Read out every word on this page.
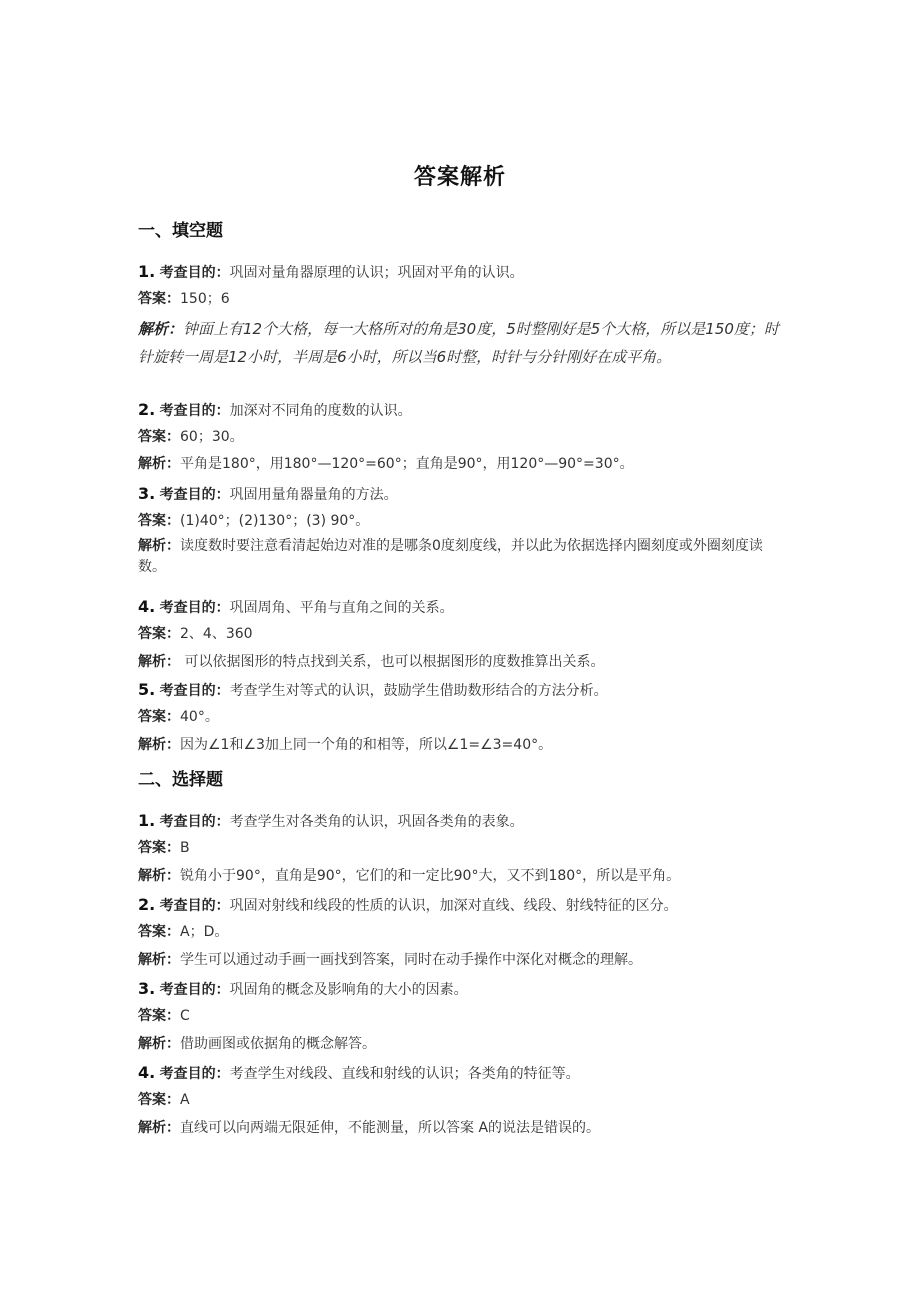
答案解析
一、填空题
1. 考查目的：巩固对量角器原理的认识；巩固对平角的认识。
答案：150；6
解析：钟面上有12个大格，每一大格所对的角是30度，5时整刚好是5个大格，所以是150度；时针旋转一周是12小时，半周是6小时，所以当6时整，时针与分针刚好在成平角。
2. 考查目的：加深对不同角的度数的认识。
答案：60；30。
解析：平角是180°，用180°—120°=60°；直角是90°，用120°—90°=30°。
3. 考查目的：巩固用量角器量角的方法。
答案：(1)40°；(2)130°；(3) 90°。
解析：读度数时要注意看清起始边对准的是哪条0度刻度线，并以此为依据选择内圈刻度或外圈刻度读数。
4. 考查目的：巩固周角、平角与直角之间的关系。
答案：2、4、360
解析： 可以依据图形的特点找到关系，也可以根据图形的度数推算出关系。
5. 考查目的：考查学生对等式的认识，鼓励学生借助数形结合的方法分析。
答案：40°。
解析：因为∠1和∠3加上同一个角的和相等，所以∠1=∠3=40°。
二、选择题
1. 考查目的：考查学生对各类角的认识，巩固各类角的表象。
答案：B
解析：锐角小于90°，直角是90°，它们的和一定比90°大，又不到180°，所以是平角。
2. 考查目的：巩固对射线和线段的性质的认识，加深对直线、线段、射线特征的区分。
答案：A；D。
解析：学生可以通过动手画一画找到答案，同时在动手操作中深化对概念的理解。
3. 考查目的：巩固角的概念及影响角的大小的因素。
答案：C
解析：借助画图或依据角的概念解答。
4. 考查目的：考查学生对线段、直线和射线的认识；各类角的特征等。
答案：A
解析：直线可以向两端无限延伸，不能测量，所以答案 A的说法是错误的。
